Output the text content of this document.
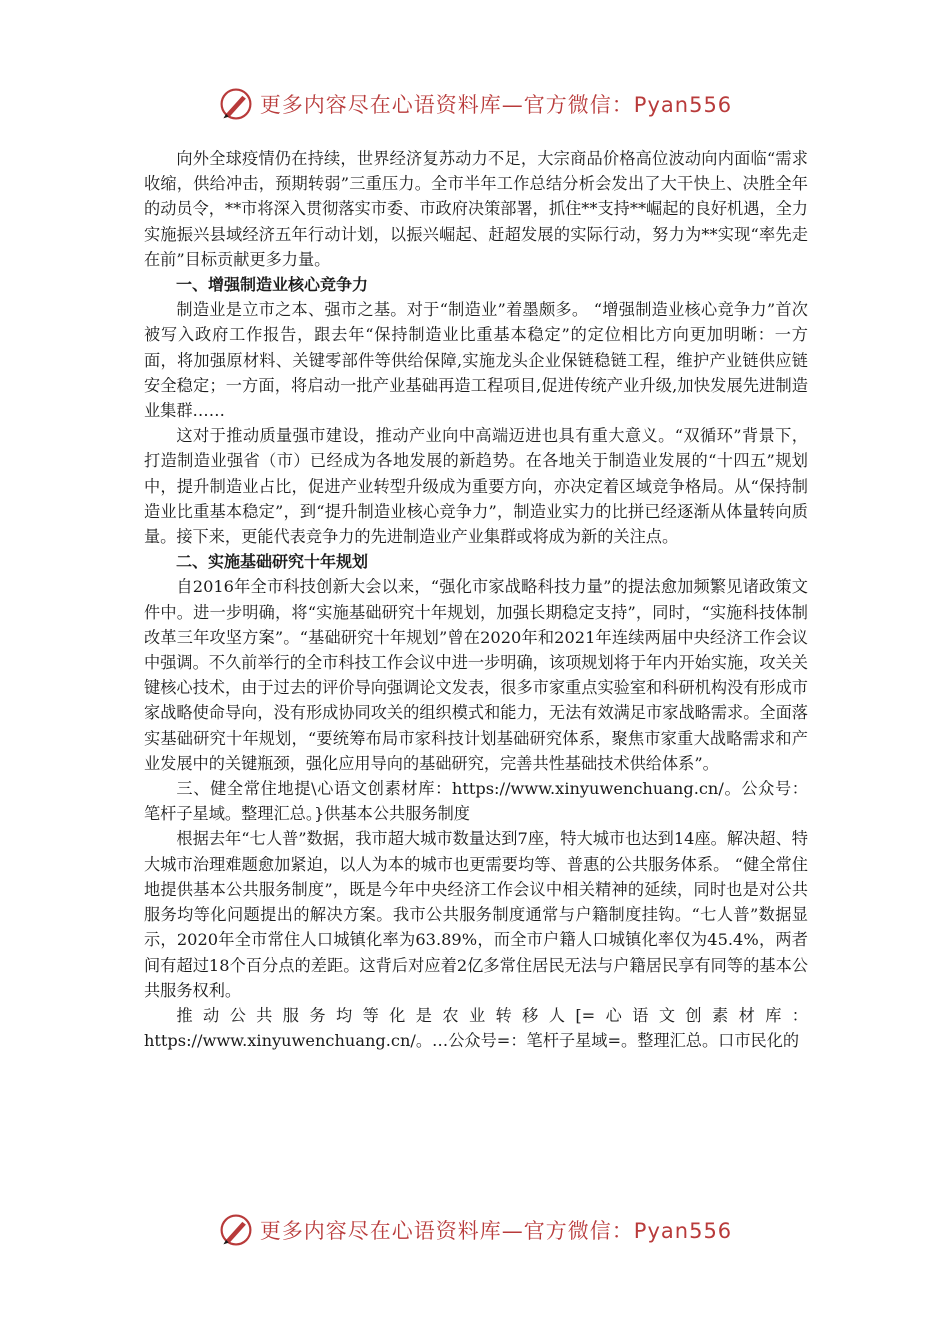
更多内容尽在心语资料库—官方微信：Pyan556

向外全球疫情仍在持续，世界经济复苏动力不足，大宗商品价格高位波动向内面临“需求收缩，供给冲击，预期转弱”三重压力。全市半年工作总结分析会发出了大干快上、决胜全年的动员令，**市将深入贯彻落实市委、市政府决策部署，抓住**支持**崛起的良好机遇，全力实施振兴县域经济五年行动计划，以振兴崛起、赶超发展的实际行动，努力为**实现“率先走在前”目标贡献更多力量。

一、增强制造业核心竞争力

制造业是立市之本、强市之基。对于“制造业”着墨颇多。 “增强制造业核心竞争力”首次被写入政府工作报告，跟去年“保持制造业比重基本稳定”的定位相比方向更加明晰：一方面，将加强原材料、关键零部件等供给保障,实施龙头企业保链稳链工程，维护产业链供应链安全稳定；一方面，将启动一批产业基础再造工程项目,促进传统产业升级,加快发展先进制造业集群……

这对于推动质量强市建设，推动产业向中高端迈进也具有重大意义。“双循环”背景下，打造制造业强省（市）已经成为各地发展的新趋势。在各地关于制造业发展的“十四五”规划中，提升制造业占比，促进产业转型升级成为重要方向，亦决定着区域竞争格局。从“保持制造业比重基本稳定”，到“提升制造业核心竞争力”，制造业实力的比拼已经逐渐从体量转向质量。接下来，更能代表竞争力的先进制造业产业集群或将成为新的关注点。

二、实施基础研究十年规划

自2016年全市科技创新大会以来，“强化市家战略科技力量”的提法愈加频繁见诸政策文件中。进一步明确，将“实施基础研究十年规划，加强长期稳定支持”，同时，“实施科技体制改革三年攻坚方案”。“基础研究十年规划”曾在2020年和2021年连续两届中央经济工作会议中强调。不久前举行的全市科技工作会议中进一步明确，该项规划将于年内开始实施，攻关关键核心技术，由于过去的评价导向强调论文发表，很多市家重点实验室和科研机构没有形成市家战略使命导向，没有形成协同攻关的组织模式和能力，无法有效满足市家战略需求。全面落实基础研究十年规划，“要统筹布局市家科技计划基础研究体系，聚焦市家重大战略需求和产业发展中的关键瓶颈，强化应用导向的基础研究，完善共性基础技术供给体系”。

三、健全常住地提\心语文创素材库：https://www.xinyuwenchuang.cn/。公众号：笔杆子星域。整理汇总。}供基本公共服务制度

根据去年“七人普”数据，我市超大城市数量达到7座，特大城市也达到14座。解决超、特大城市治理难题愈加紧迫，以人为本的城市也更需要均等、普惠的公共服务体系。 “健全常住地提供基本公共服务制度”，既是今年中央经济工作会议中相关精神的延续，同时也是对公共服务均等化问题提出的解决方案。我市公共服务制度通常与户籍制度挂钩。“七人普”数据显示，2020年全市常住人口城镇化率为63.89%，而全市户籍人口城镇化率仅为45.4%，两者间有超过18个百分点的差距。这背后对应着2亿多常住居民无法与户籍居民享有同等的基本公共服务权利。

推动公共服务均等化是农业转移人[=心语文创素材库：https://www.xinyuwenchuang.cn/。…公众号=：笔杆子星域=。整理汇总。口市民化的

更多内容尽在心语资料库—官方微信：Pyan556
